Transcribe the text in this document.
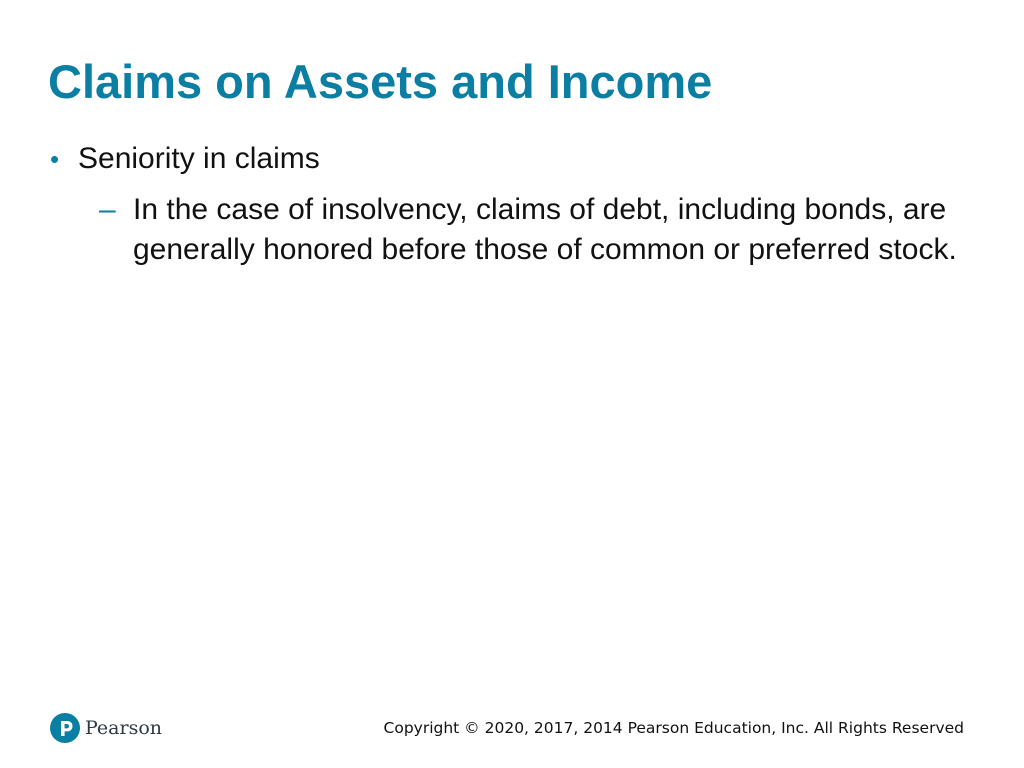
Claims on Assets and Income
• Seniority in claims
– In the case of insolvency, claims of debt, including bonds, are generally honored before those of common or preferred stock.
Pearson	Copyright © 2020, 2017, 2014 Pearson Education, Inc. All Rights Reserved
